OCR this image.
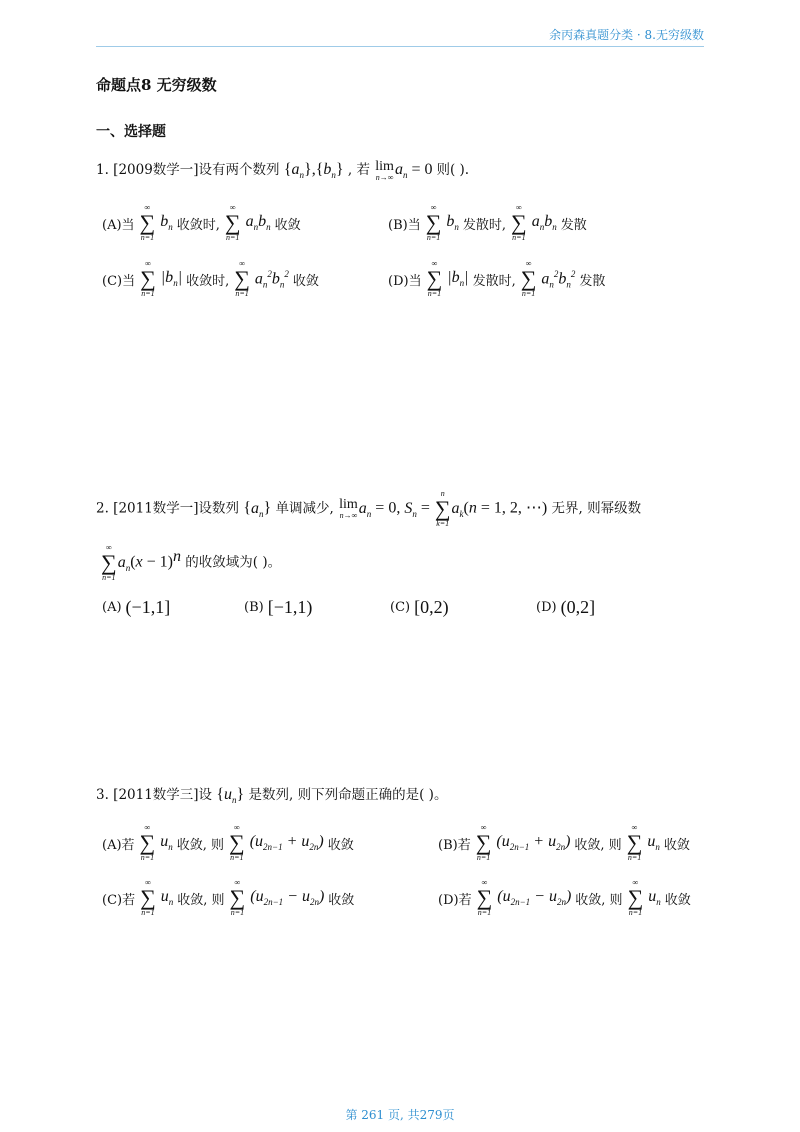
余丙森真题分类 · 8.无穷级数
命题点8 无穷级数
一、选择题
1. [2009数学一]设有两个数列 $\{a_n\},\{b_n\}$ , 若 lim
n→∞ $a_n = 0$ 则( ).
(A)当
∞
∑
n=1
$b_n$ 收敛时,
∞
∑
n=1
$a_nb_n$ 收敛	(B)当
∞
∑
n=1
$b_n$ 发散时,
∞
∑
n=1
$a_nb_n$ 发散
(C)当
∞
∑
n=1
$|b_n|$ 收敛时,
∞
∑
n=1
$a_n^2b_n^2$ 收敛	(D)当
∞
∑
n=1
$|b_n|$ 发散时,
∞
∑
n=1
$a_n^2b_n^2$ 发散
2. [2011数学一]设数列 $\{a_n\}$ 单调减少, lim
n→∞ $a_n = 0$, $S_n$ =
n
∑
k=1
$a_k(n = 1$, 2, ⋯) 无界, 则幂级数
∞
∑
n=1
$a_n(x - 1)^n$ 的收敛域为( )。
(A) (−1,1]	(B) [−1,1)	(C) [0,2)	(D) (0,2]
3. [2011数学三]设 $\{u_n\}$ 是数列, 则下列命题正确的是( )。
(A)若
∞
∑
n=1
$u_n$ 收敛, 则
∞
∑
n=1
$(u_{2n-1} + u_{2n})$ 收敛	(B)若
∞
∑
n=1
$(u_{2n-1} + u_{2n})$ 收敛, 则
∞
∑
n=1
$u_n$ 收敛
(C)若
∞
∑
n=1
$u_n$ 收敛, 则
∞
∑
n=1
$(u_{2n-1} - u_{2n})$ 收敛	(D)若
∞
∑
n=1
$(u_{2n-1} - u_{2n})$ 收敛, 则
∞
∑
n=1
$u_n$ 收敛
第 261 页, 共279页
